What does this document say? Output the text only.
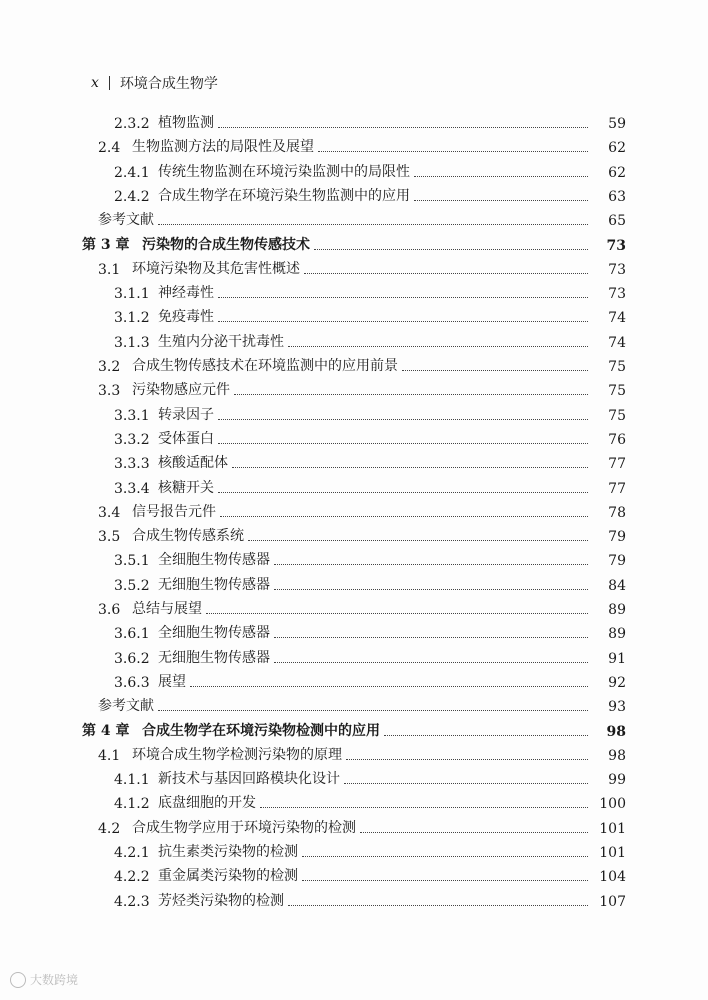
x 环境合成生物学
2.3.2 植物监测	59
2.4 生物监测方法的局限性及展望	62
2.4.1 传统生物监测在环境污染监测中的局限性	62
2.4.2 合成生物学在环境污染生物监测中的应用	63
参考文献	65
第 3 章 污染物的合成生物传感技术	73
3.1 环境污染物及其危害性概述	73
3.1.1 神经毒性	73
3.1.2 免疫毒性	74
3.1.3 生殖内分泌干扰毒性	74
3.2 合成生物传感技术在环境监测中的应用前景	75
3.3 污染物感应元件	75
3.3.1 转录因子	75
3.3.2 受体蛋白	76
3.3.3 核酸适配体	77
3.3.4 核糖开关	77
3.4 信号报告元件	78
3.5 合成生物传感系统	79
3.5.1 全细胞生物传感器	79
3.5.2 无细胞生物传感器	84
3.6 总结与展望	89
3.6.1 全细胞生物传感器	89
3.6.2 无细胞生物传感器	91
3.6.3 展望	92
参考文献	93
第 4 章 合成生物学在环境污染物检测中的应用	98
4.1 环境合成生物学检测污染物的原理	98
4.1.1 新技术与基因回路模块化设计	99
4.1.2 底盘细胞的开发	100
4.2 合成生物学应用于环境污染物的检测	101
4.2.1 抗生素类污染物的检测	101
4.2.2 重金属类污染物的检测	104
4.2.3 芳烃类污染物的检测	107
大数跨境
